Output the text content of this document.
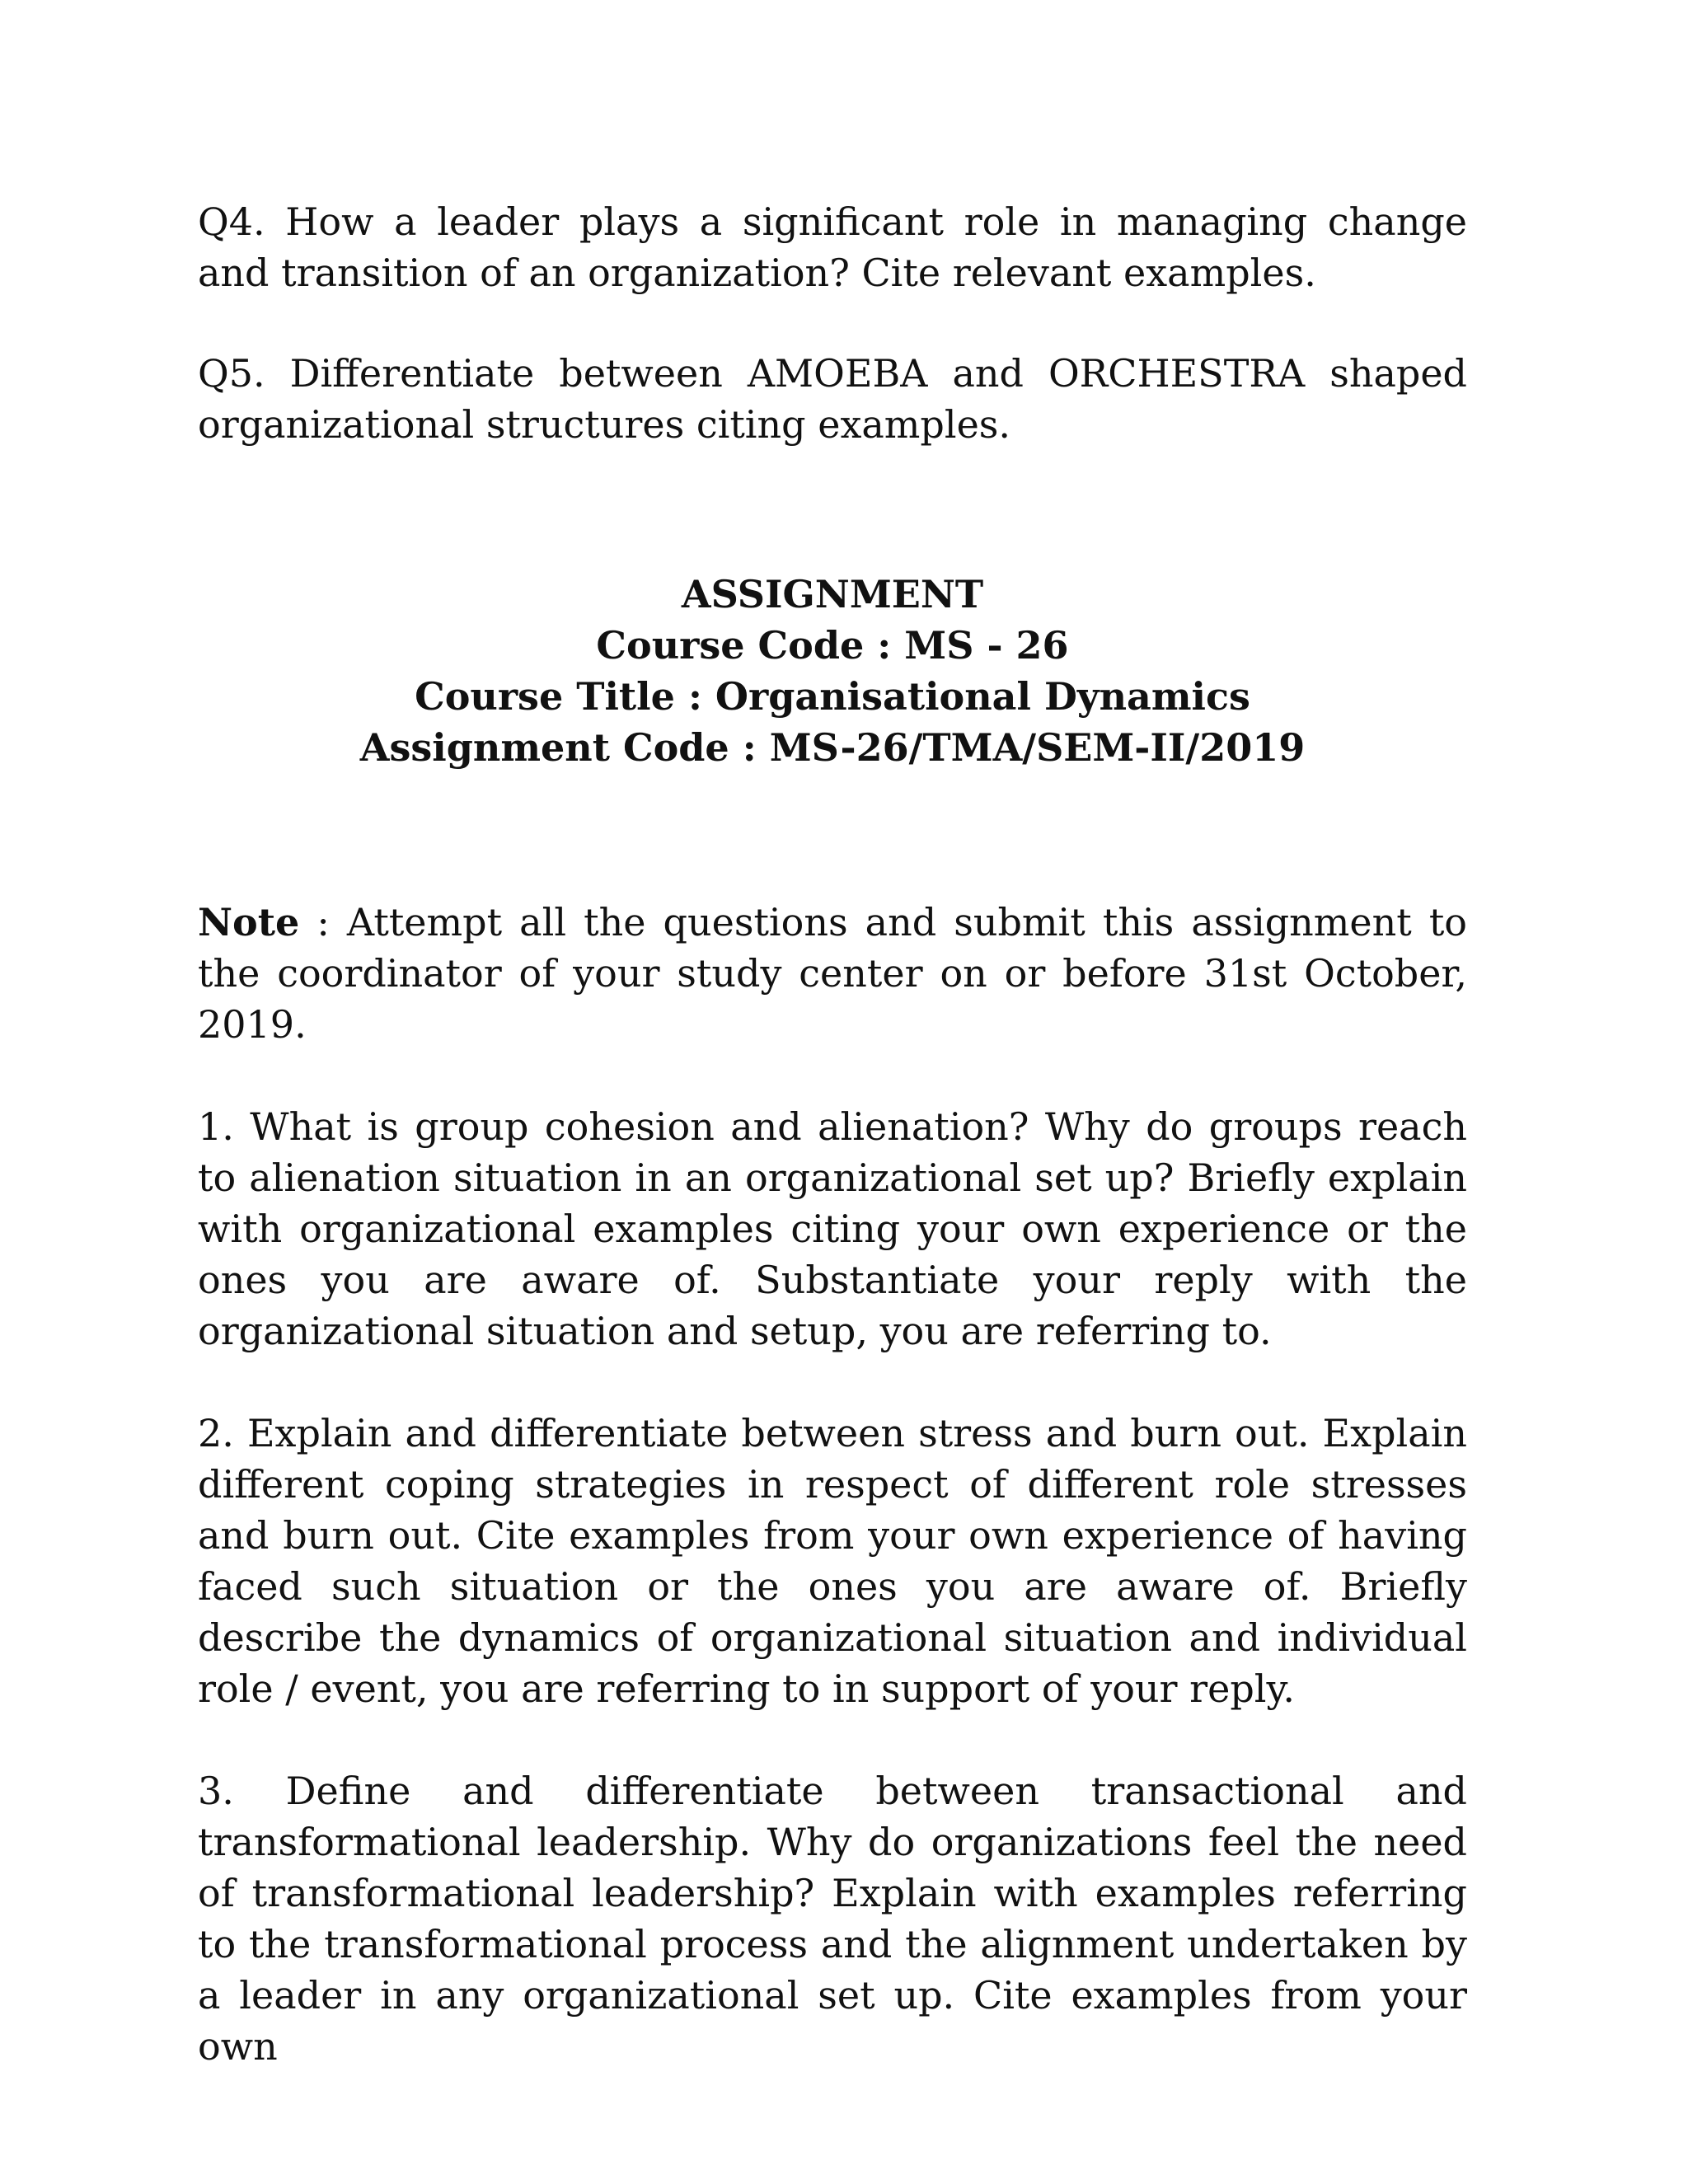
Q4. How a leader plays a significant role in managing change and transition of an organization? Cite relevant examples.

Q5. Differentiate between AMOEBA and ORCHESTRA shaped organizational structures citing examples.

ASSIGNMENT
Course Code : MS - 26
Course Title : Organisational Dynamics
Assignment Code : MS-26/TMA/SEM-II/2019

Note : Attempt all the questions and submit this assignment to the coordinator of your study center on or before 31st October, 2019.

1. What is group cohesion and alienation? Why do groups reach to alienation situation in an organizational set up? Briefly explain with organizational examples citing your own experience or the ones you are aware of. Substantiate your reply with the organizational situation and setup, you are referring to.

2. Explain and differentiate between stress and burn out. Explain different coping strategies in respect of different role stresses and burn out. Cite examples from your own experience of having faced such situation or the ones you are aware of. Briefly describe the dynamics of organizational situation and individual role / event, you are referring to in support of your reply.

3. Define and differentiate between transactional and transformational leadership. Why do organizations feel the need of transformational leadership? Explain with examples referring to the transformational process and the alignment undertaken by a leader in any organizational set up. Cite examples from your own
